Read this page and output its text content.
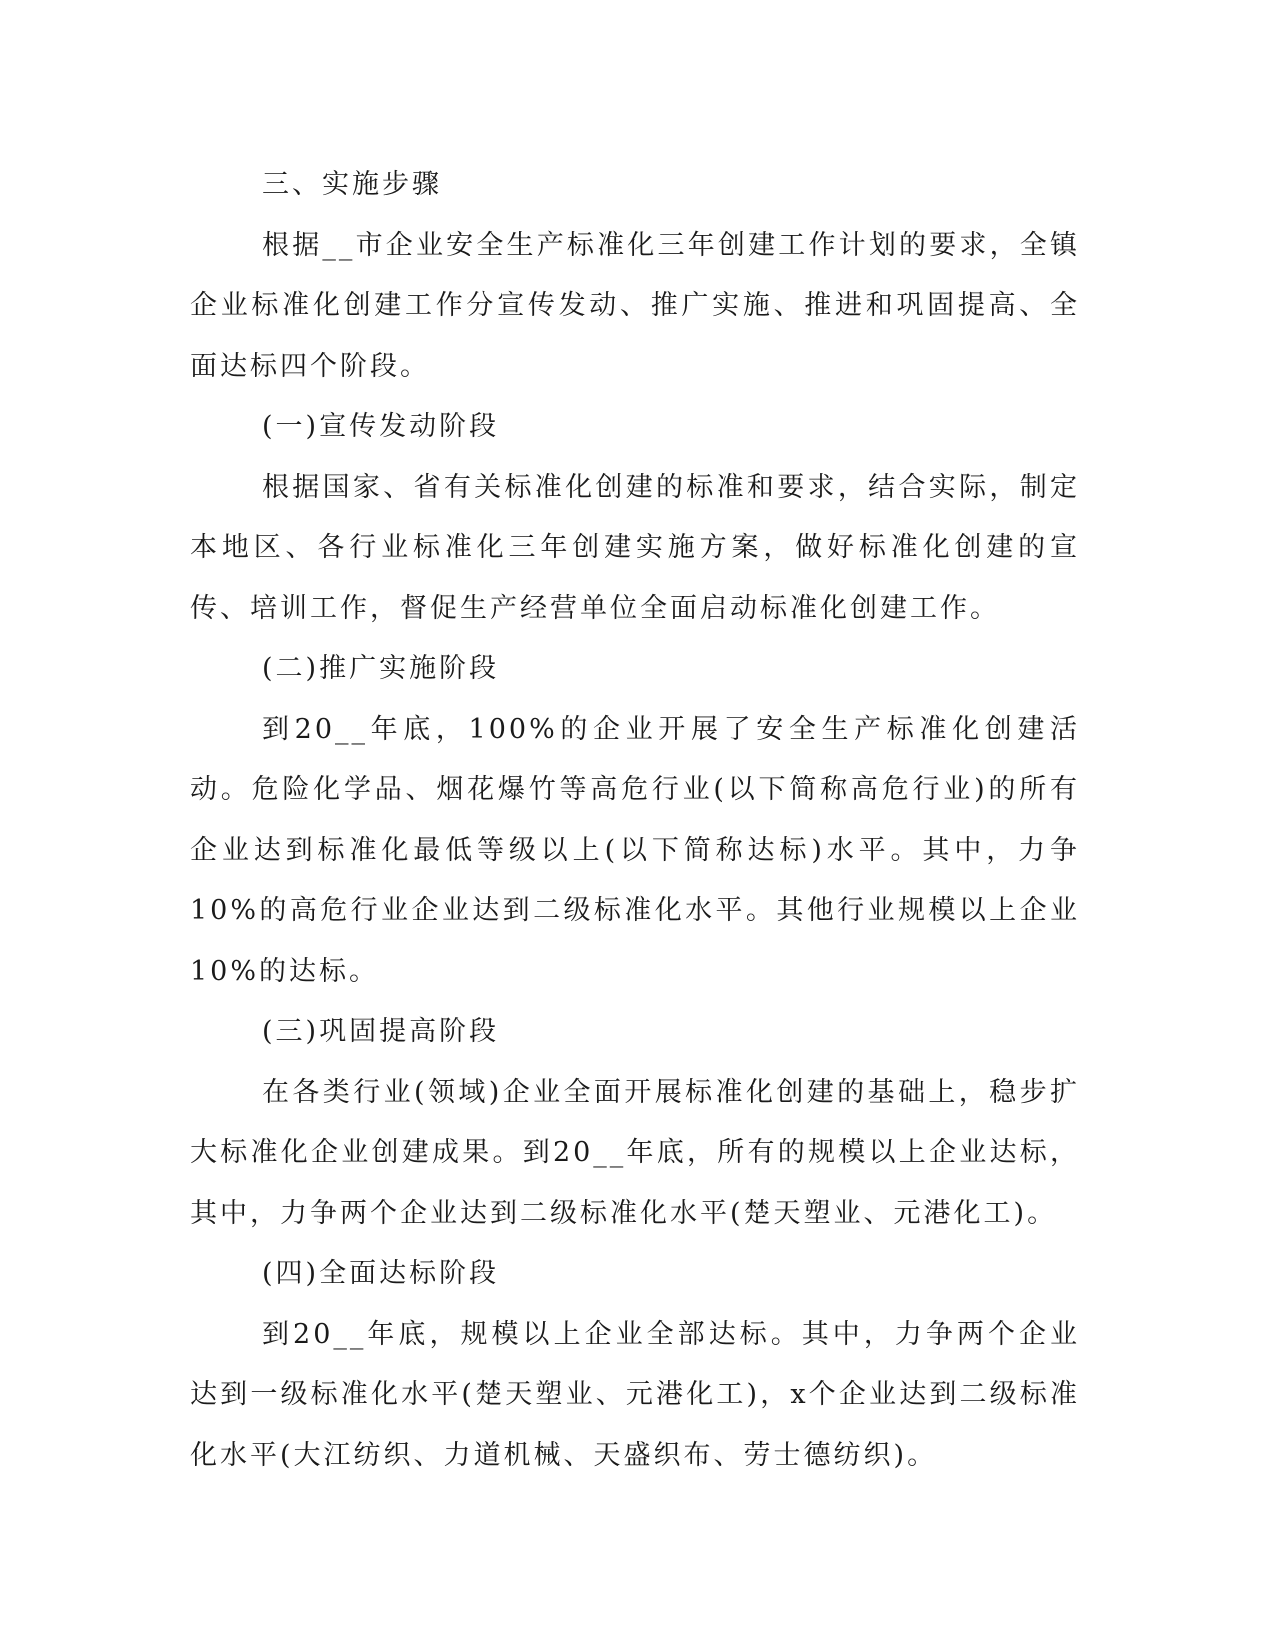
三、实施步骤

根据__市企业安全生产标准化三年创建工作计划的要求，全镇企业标准化创建工作分宣传发动、推广实施、推进和巩固提高、全面达标四个阶段。

(一)宣传发动阶段

根据国家、省有关标准化创建的标准和要求，结合实际，制定本地区、各行业标准化三年创建实施方案，做好标准化创建的宣传、培训工作，督促生产经营单位全面启动标准化创建工作。

(二)推广实施阶段

到20__年底，100%的企业开展了安全生产标准化创建活动。危险化学品、烟花爆竹等高危行业(以下简称高危行业)的所有企业达到标准化最低等级以上(以下简称达标)水平。其中，力争10%的高危行业企业达到二级标准化水平。其他行业规模以上企业10%的达标。

(三)巩固提高阶段

在各类行业(领域)企业全面开展标准化创建的基础上，稳步扩大标准化企业创建成果。到20__年底，所有的规模以上企业达标，其中，力争两个企业达到二级标准化水平(楚天塑业、元港化工)。

(四)全面达标阶段

到20__年底，规模以上企业全部达标。其中，力争两个企业达到一级标准化水平(楚天塑业、元港化工)，x个企业达到二级标准化水平(大江纺织、力道机械、天盛织布、劳士德纺织)。
